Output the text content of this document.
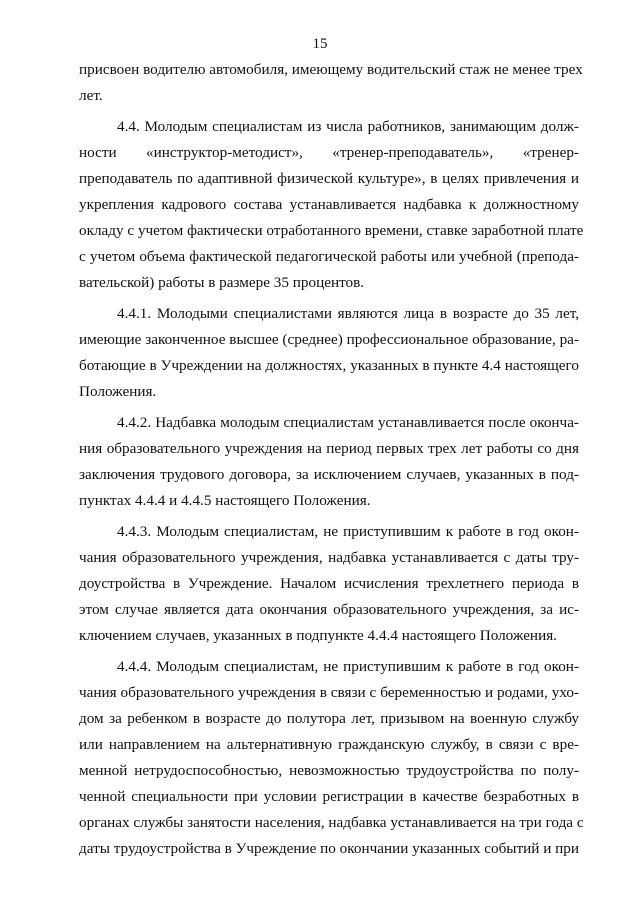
15
присвоен водителю автомобиля, имеющему водительский стаж не менее трех
лет.
4.4. Молодым специалистам из числа работников, занимающим долж-
ности «инструктор-методист», «тренер-преподаватель», «тренер-
преподаватель по адаптивной физической культуре», в целях привлечения и
укрепления кадрового состава устанавливается надбавка к должностному
окладу с учетом фактически отработанного времени, ставке заработной плате
с учетом объема фактической педагогической работы или учебной (препода-
вательской) работы в размере 35 процентов.
4.4.1. Молодыми специалистами являются лица в возрасте до 35 лет,
имеющие законченное высшее (среднее) профессиональное образование, ра-
ботающие в Учреждении на должностях, указанных в пункте 4.4 настоящего
Положения.
4.4.2. Надбавка молодым специалистам устанавливается после оконча-
ния образовательного учреждения на период первых трех лет работы со дня
заключения трудового договора, за исключением случаев, указанных в под-
пунктах 4.4.4 и 4.4.5 настоящего Положения.
4.4.3. Молодым специалистам, не приступившим к работе в год окон-
чания образовательного учреждения, надбавка устанавливается с даты тру-
доустройства в Учреждение. Началом исчисления трехлетнего периода в
этом случае является дата окончания образовательного учреждения, за ис-
ключением случаев, указанных в подпункте 4.4.4 настоящего Положения.
4.4.4. Молодым специалистам, не приступившим к работе в год окон-
чания образовательного учреждения в связи с беременностью и родами, ухо-
дом за ребенком в возрасте до полутора лет, призывом на военную службу
или направлением на альтернативную гражданскую службу, в связи с вре-
менной нетрудоспособностью, невозможностью трудоустройства по полу-
ченной специальности при условии регистрации в качестве безработных в
органах службы занятости населения, надбавка устанавливается на три года с
даты трудоустройства в Учреждение по окончании указанных событий и при
